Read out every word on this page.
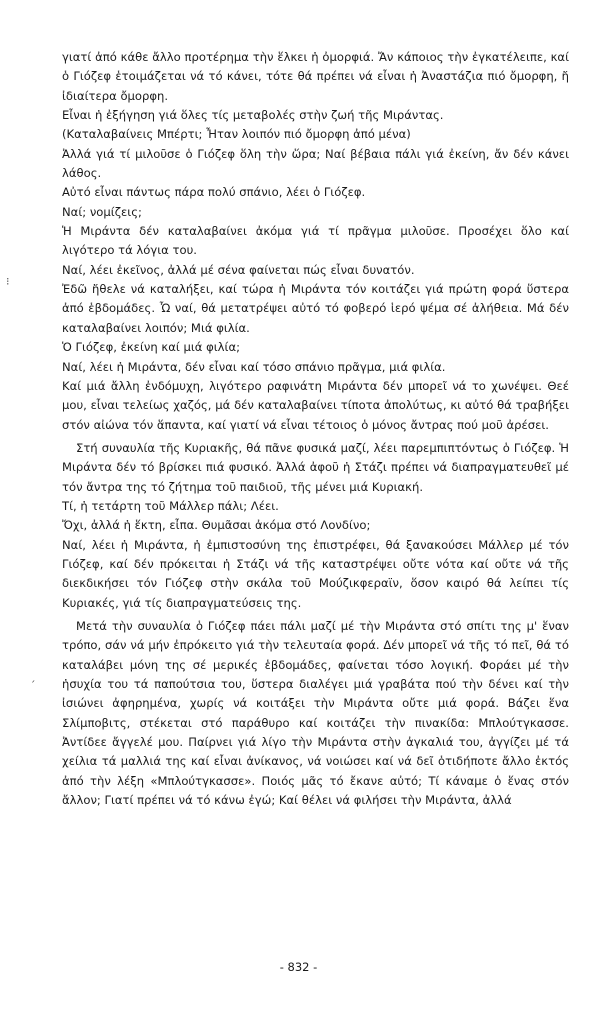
⁝
ˏ

γιατί ἀπό κάθε ἄλλο προτέρημα τὴν ἕλκει ἡ ὀμορφιά. Ἄν κάποιος τὴν ἐγκατέλειπε, καί ὁ Γιόζεφ ἑτοιμάζεται νά τό κάνει, τότε θά πρέπει νά εἶναι ἡ Ἀναστάζια πιό ὄμορφη, ἤ ἰδιαίτερα ὄμορφη.

Εἶναι ἡ ἐξήγηση γιά ὅλες τίς μεταβολές στὴν ζωή τῆς Μιράντας.

(Καταλαβαίνεις Μπέρτι; Ἦταν λοιπόν πιό ὄμορφη ἀπό μένα)

Ἀλλά γιά τί μιλοῦσε ὁ Γιόζεφ ὅλη τὴν ὥρα; Ναί βέβαια πάλι γιά ἐκείνη, ἄν δέν κάνει λάθος.

Αὐτό εἶναι πάντως πάρα πολύ σπάνιο, λέει ὁ Γιόζεφ.

Ναί; νομίζεις;

Ἡ Μιράντα δέν καταλαβαίνει ἀκόμα γιά τί πρᾶγμα μιλοῦσε. Προσέχει ὅλο καί λιγότερο τά λόγια του.

Ναί, λέει ἐκεῖνος, ἀλλά μέ σένα φαίνεται πώς εἶναι δυνατόν.

Ἐδῶ ἤθελε νά καταλήξει, καί τώρα ἡ Μιράντα τόν κοιτάζει γιά πρώτη φορά ὕστερα ἀπό ἑβδομάδες. Ὦ ναί, θά μετατρέψει αὐτό τό φοβερό ἱερό ψέμα σέ ἀλήθεια. Μά δέν καταλαβαίνει λοιπόν; Μιά φιλία.

Ὁ Γιόζεφ, ἐκείνη καί μιά φιλία;

Ναί, λέει ἡ Μιράντα, δέν εἶναι καί τόσο σπάνιο πρᾶγμα, μιά φιλία.

Καί μιά ἄλλη ἐνδόμυχη, λιγότερο ραφινάτη Μιράντα δέν μπορεῖ νά το χωνέψει. Θεέ μου, εἶναι τελείως χαζός, μά δέν καταλαβαίνει τίποτα ἀπολύτως, κι αὐτό θά τραβήξει στόν αἰώνα τόν ἅπαντα, καί γιατί νά εἶναι τέτοιος ὁ μόνος ἄντρας πού μοῦ ἀρέσει.

Στή συναυλία τῆς Κυριακῆς, θά πᾶνε φυσικά μαζί, λέει παρεμπιπτόντως ὁ Γιόζεφ. Ἡ Μιράντα δέν τό βρίσκει πιά φυσικό. Ἀλλά ἀφοῦ ἡ Στάζι πρέπει νά διαπραγματευθεῖ μέ τόν ἄντρα της τό ζήτημα τοῦ παιδιοῦ, τῆς μένει μιά Κυριακή.

Τί, ἡ τετάρτη τοῦ Μάλλερ πάλι; Λέει.

Ὄχι, ἀλλά ἡ ἕκτη, εἶπα. Θυμᾶσαι ἀκόμα στό Λονδίνο;

Ναί, λέει ἡ Μιράντα, ἡ ἐμπιστοσύνη της ἐπιστρέφει, θά ξανακούσει Μάλλερ μέ τόν Γιόζεφ, καί δέν πρόκειται ἡ Στάζι νά τῆς καταστρέψει οὔτε νότα καί οὔτε νά τῆς διεκδικήσει τόν Γιόζεφ στὴν σκάλα τοῦ Μούζικφεραϊν, ὅσον καιρό θά λείπει τίς Κυριακές, γιά τίς διαπραγματεύσεις της.

Μετά τὴν συναυλία ὁ Γιόζεφ πάει πάλι μαζί μέ τὴν Μιράντα στό σπίτι της μ' ἕναν τρόπο, σάν νά μήν ἐπρόκειτο γιά τὴν τελευταία φορά. Δέν μπορεῖ νά τῆς τό πεῖ, θά τό καταλάβει μόνη της σέ μερικές ἑβδομάδες, φαίνεται τόσο λογική. Φοράει μέ τὴν ἡσυχία του τά παπούτσια του, ὕστερα διαλέγει μιά γραβάτα πού τὴν δένει καί τὴν ἰσιώνει ἀφηρημένα, χωρίς νά κοιτάξει τὴν Μιράντα οὔτε μιά φορά. Βάζει ἕνα Σλίμποβιτς, στέκεται στό παράθυρο καί κοιτάζει τὴν πινακίδα: Μπλούτγκασσε. Ἀντίδεε ἄγγελέ μου. Παίρνει γιά λίγο τὴν Μιράντα στὴν ἀγκαλιά του, ἀγγίζει μέ τά χείλια τά μαλλιά της καί εἶναι ἀνίκανος, νά νοιώσει καί νά δεῖ ὁτιδήποτε ἄλλο ἐκτός ἀπό τὴν λέξη «Μπλούτγκασσε». Ποιός μᾶς τό ἔκανε αὐτό; Τί κάναμε ὁ ἕνας στόν ἄλλον; Γιατί πρέπει νά τό κάνω ἐγώ; Καί θέλει νά φιλήσει τὴν Μιράντα, ἀλλά

- 832 -
